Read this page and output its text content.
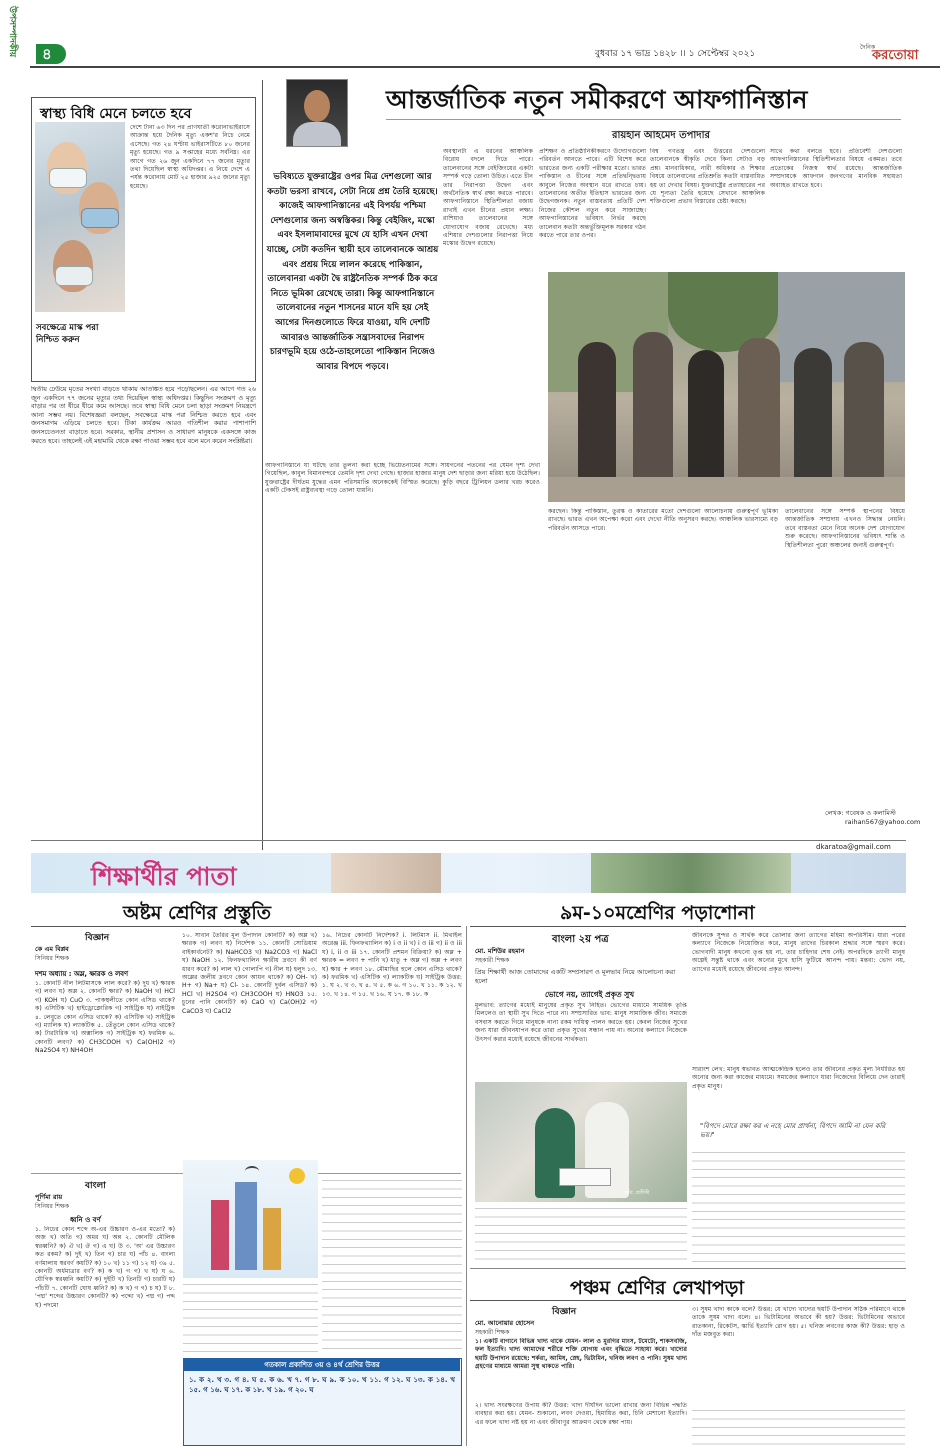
উপসম্পাদকীয় ৪	বুধবার ১৭ ভাদ্র ১৪২৮ ।। ১ সেপ্টেম্বর ২০২১
দৈনিক
করতোয়া
স্বাস্থ্য বিধি মেনে চলতে হবে
সবক্ষেত্রে মাস্ক পরা নিশ্চিত করুন
দেশে টানা ৬৩ দিন পর প্রাণঘাতী করোনাভাইরাসে আক্রান্ত হয়ে দৈনিক মৃত্যু একশ'র নিচে নেমে এসেছে। গত ২৪ ঘণ্টায় ভাইরাসটিতে ৮০ জনের মৃত্যু হয়েছে। গত ৯ সপ্তাহের মধ্যে সর্বনিম্ন। এর আগে গত ২৬ জুন একদিনে ৭৭ জনের মৃত্যুর তথ্য দিয়েছিল স্বাস্থ্য অধিদপ্তর। এ নিয়ে দেশে এ পর্যন্ত করোনায় মোট ২৫ হাজার ৯২৫ জনের মৃত্যু হয়েছে।
দ্বিতীয় ঢেউয়ে মৃতের সংখ্যা বাড়তে থাকায় আতঙ্কিত হয়ে পড়েছিলেন। এর আগে গত ২৬ জুন একদিনে ৭৭ জনের মৃত্যুর তথ্য দিয়েছিল স্বাস্থ্য অধিদপ্তর। কিছুদিন সংক্রমণ ও মৃত্যু বাড়ার পর তা ধীরে ধীরে কমে আসছে। তবে স্বাস্থ্য বিধি মেনে চলা ছাড়া সংক্রমণ নিয়ন্ত্রণে আনা সম্ভব নয়। বিশেষজ্ঞরা বলছেন, সবক্ষেত্রে মাস্ক পরা নিশ্চিত করতে হবে এবং জনসমাগম এড়িয়ে চলতে হবে। টিকা কার্যক্রম আরও গতিশীল করার পাশাপাশি জনসচেতনতা বাড়াতে হবে। সরকার, স্থানীয় প্রশাসন ও সাধারণ মানুষকে একসঙ্গে কাজ করতে হবে। তাহলেই এই মহামারি থেকে রক্ষা পাওয়া সম্ভব হবে বলে মনে করেন সংশ্লিষ্টরা।
আন্তর্জাতিক নতুন সমীকরণে আফগানিস্তান
রায়হান আহমেদ তপাদার
ভবিষ্যতে যুক্তরাষ্ট্রের ওপর মিত্র দেশগুলো আর কতটা ভরসা রাখবে, সেটা নিয়ে প্রশ্ন তৈরি হয়েছে। কাজেই আফগানিস্তানের এই বিপর্যয় পশ্চিমা দেশগুলোর জন্য অস্বস্তিকর। কিন্তু বেইজিং, মস্কো এবং ইসলামাবাদের মুখে যে হাসি এখন দেখা যাচ্ছে, সেটা কতদিন স্থায়ী হবে তালেবানকে আশ্রয় এবং প্রশ্রয় দিয়ে লালন করেছে পাকিস্তান, তালেবানরা একটা দ্বৈ রাষ্ট্রনৈতিক সম্পর্ক ঠিক করে নিতে ভূমিকা রেখেছে তারা। কিন্তু আফগানিস্তানে তালেবানের নতুন শাসনের মানে যদি হয় সেই আগের দিনগুলোতে ফিরে যাওয়া, যদি দেশটি আবারও আন্তর্জাতিক সন্ত্রাসবাদের নিরাপদ চারণভূমি হয়ে ওঠে-তাহলেতো পাকিস্তান নিজেও আবার বিপদে পড়বে।
অবস্থানটা এ ধরনের আঞ্চলিক বিরোধ বদলে দিতে পারে। তালেবানের সঙ্গে বেইজিংয়ের একটা সম্পর্ক গড়ে তোলা উচিত। এতে চীন তার নিরাপত্তা উদ্বেগ এবং অর্থনৈতিক স্বার্থ রক্ষা করতে পারবে। আফগানিস্তানে স্থিতিশীলতা বজায় রাখাই এখন চীনের প্রধান লক্ষ্য। রাশিয়াও তালেবানের সঙ্গে যোগাযোগ বজায় রেখেছে। মধ্য এশিয়ার দেশগুলোর নিরাপত্তা নিয়ে মস্কোর উদ্বেগ রয়েছে।
প্রশিক্ষণ ও প্রতিষ্ঠানিকীকরণে উদ্যোগগুলো পরিবর্তন আনতে পারে। এটি বিশেষ করে ভারতের জন্য একটি পরীক্ষার মতো। ভারত পাকিস্তান ও চীনের সঙ্গে প্রতিদ্বন্দ্বিতায় কাবুলে নিজের অবস্থান ধরে রাখতে চায়। তালেবানের অতীত ইতিহাস ভারতের জন্য উদ্বেগজনক। নতুন বাস্তবতায় প্রতিটি দেশ নিজের কৌশল নতুন করে সাজাচ্ছে। আফগানিস্তানের ভবিষ্যৎ নির্ভর করছে তালেবান কতটা অন্তর্ভুক্তিমূলক সরকার গঠন করতে পারে তার ওপর।
বিশ্ব গণতন্ত্র এবং উত্তরের দেশগুলো তালেবানকে স্বীকৃতি দেবে কিনা সেটাও বড় প্রশ্ন। মানবাধিকার, নারী অধিকার ও শিক্ষার বিষয়ে তালেবানের প্রতিশ্রুতি কতটা বাস্তবায়িত হয় তা দেখার বিষয়। যুক্তরাষ্ট্রের প্রত্যাহারের পর যে শূন্যতা তৈরি হয়েছে সেখানে আঞ্চলিক শক্তিগুলো প্রভাব বিস্তারের চেষ্টা করছে।
সাথে কথা বলতে হবে। প্রতিবেশী দেশগুলো আফগানিস্তানের স্থিতিশীলতার বিষয়ে একমত। তবে প্রত্যেকের নিজস্ব স্বার্থ রয়েছে। আন্তর্জাতিক সম্প্রদায়কে আফগান জনগণের মানবিক সহায়তা অব্যাহত রাখতে হবে।
আফগানিস্তানে যা ঘটছে তার তুলনা করা হচ্ছে ভিয়েতনামের সঙ্গে। সায়গনের পতনের পর যেমন দৃশ্য দেখা গিয়েছিল, কাবুল বিমানবন্দরে তেমনি দৃশ্য দেখা গেছে। হাজার হাজার মানুষ দেশ ছাড়ার জন্য মরিয়া হয়ে উঠেছিল। যুক্তরাষ্ট্রের দীর্ঘতম যুদ্ধের এমন পরিসমাপ্তি অনেককেই বিস্মিত করেছে। কুড়ি বছরে ট্রিলিয়ন ডলার খরচ করেও একটি টেকসই রাষ্ট্রব্যবস্থা গড়ে তোলা যায়নি।
করছেন। কিন্তু পাকিস্তান, তুরস্ক ও কাতারের মতো দেশগুলো আলোচনায় গুরুত্বপূর্ণ ভূমিকা রাখছে। ভারত এখন অপেক্ষা করো এবং দেখো নীতি অনুসরণ করছে। আঞ্চলিক ভারসাম্যে বড় পরিবর্তন আসতে পারে।
তালেবানের সঙ্গে সম্পর্ক স্থাপনের বিষয়ে আন্তর্জাতিক সম্প্রদায় এখনও সিদ্ধান্ত নেয়নি। তবে বাস্তবতা মেনে নিয়ে অনেক দেশ যোগাযোগ শুরু করেছে। আফগানিস্তানের ভবিষ্যৎ শান্তি ও স্থিতিশীলতা পুরো অঞ্চলের জন্যই গুরুত্বপূর্ণ।
লেখক: গবেষক ও কলামিস্ট
raihan567@yahoo.com
dkaratoa@gmail.com
শিক্ষার্থীর পাতা
অষ্টম শ্রেণির প্রস্তুতি
বিজ্ঞান
কে এম বিপ্লব
সিনিয়র শিক্ষক
দশম অধ্যায় : অম্ল, ক্ষারক ও লবণ
১. কোনটি নীল লিটমাসকে লাল করে? ক) দুধ খ) ক্ষারক গ) লবণ ঘ) অম্ল ২. কোনটি ক্ষার? ক) NaOH খ) HCl গ) KOH ঘ) CuO ৩. পাকস্থলীতে কোন এসিড থাকে? ক) এসিটিক খ) হাইড্রোক্লোরিক গ) সাইট্রিক ঘ) নাইট্রিক ৪. লেবুতে কোন এসিড থাকে? ক) এসিটিক খ) সাইট্রিক গ) ম্যালিক ঘ) ল্যাকটিক ৫. তেঁতুলে কোন এসিড থাকে? ক) টারটারিক খ) অক্সালিক গ) সাইট্রিক ঘ) ফরমিক ৬. কোনটি লবণ? ক) CH3COOH খ) Ca(OH)2 গ) Na2SO4 ঘ) NH4OH
১০. সাবান তৈরির মূল উপাদান কোনটি? ক) অম্ল খ) ক্ষারক গ) লবণ ঘ) নির্দেশক ১১. কোনটি সোডিয়াম বাইকার্বনেট? ক) NaHCO3 খ) Na2CO3 গ) NaCl ঘ) NaOH ১২. ফিনফথ্যালিন ক্ষারীয় দ্রবণে কী বর্ণ ধারণ করে? ক) লাল খ) গোলাপি গ) নীল ঘ) হলুদ ১৩. অম্লের জলীয় দ্রবণে কোন আয়ন থাকে? ক) OH- খ) H+ গ) Na+ ঘ) Cl- ১৪. কোনটি দুর্বল এসিড? ক) HCl খ) H2SO4 গ) CH3COOH ঘ) HNO3 ১৫. চুনের পানি কোনটি? ক) CaO খ) Ca(OH)2 গ) CaCO3 ঘ) CaCl2
১৬. নিচের কোনটি নির্দেশক? i. লিটমাস ii. মিথাইল অরেঞ্জ iii. ফিনফথ্যালিন ক) i ও ii খ) i ও iii গ) ii ও iii ঘ) i, ii ও iii ১৭. কোনটি প্রশমন বিক্রিয়া? ক) অম্ল + ক্ষারক = লবণ + পানি খ) ধাতু + অম্ল গ) অম্ল + লবণ ঘ) ক্ষার + লবণ ১৮. মৌমাছির হুলে কোন এসিড থাকে? ক) ফরমিক খ) এসিটিক গ) ল্যাকটিক ঘ) সাইট্রিক উত্তর: ১. ঘ ২. খ ৩. খ ৪. খ ৫. ক ৬. গ ১০. খ ১১. ক ১২. খ ১৩. খ ১৪. গ ১৫. খ ১৬. ঘ ১৭. ক ১৮. ক
বাংলা
পূর্ণিমা রায়
সিনিয়র শিক্ষক
ধ্বনি ও বর্ণ
১. নিচের কোন শব্দে অ-এর উচ্চারণ ও-এর মতো? ক) অজ খ) অতি গ) অমর ঘ) অন্ন ২. কোনটি মৌলিক স্বরধ্বনি? ক) ঐ খ) ঔ গ) এ ঘ) উ ৩. 'অ' এর উচ্চারণ কত রকম? ক) দুই খ) তিন গ) চার ঘ) পাঁচ ৪. বাংলা বর্ণমালায় স্বরবর্ণ কয়টি? ক) ১০ খ) ১১ গ) ১২ ঘ) ৩৯ ৫. কোনটি অর্ধমাত্রার বর্ণ? ক) ক খ) গ গ) খ ঘ) ঘ ৬. যৌগিক স্বরধ্বনি কয়টি? ক) দুইটি খ) তিনটি গ) চারটি ঘ) পাঁচটি ৭. কোনটি ঘোষ ধ্বনি? ক) ক খ) গ গ) চ ঘ) ট ৮. 'পদ্ম' শব্দের উচ্চারণ কোনটি? ক) পদ্দো খ) পদ্ম গ) পদ্দ ঘ) পদমো
গতকাল প্রকাশিত ৩য় ও ৪র্থ শ্রেণির উত্তর
১. ক ২. খ ৩. গ ৪. ঘ ৫. ক ৬. খ ৭. গ ৮. ঘ ৯. ক ১০. খ ১১. গ ১২. ঘ ১৩. ক ১৪. খ ১৫. গ ১৬. ঘ ১৭. ক ১৮. খ ১৯. গ ২০. ঘ
৯ম-১০মশ্রেণির পড়াশোনা
বাংলা ২য় পত্র
মো. মশিউর রহমান
সহকারী শিক্ষক
প্রিয় শিক্ষার্থী আজ তোমাদের একটি সম্প্রসারণ ও মূলভাব নিয়ে আলোচনা করা হলো
ভোগে নয়, ত্যাগেই প্রকৃত সুখ
মূলভাব: ত্যাগের মধ্যেই মানুষের প্রকৃত সুখ নিহিত। ভোগের মাধ্যমে সাময়িক তৃপ্তি মিললেও তা স্থায়ী সুখ দিতে পারে না। সম্প্রসারিত ভাব: মানুষ সামাজিক জীব। সমাজে বসবাস করতে গিয়ে মানুষকে নানা রকম দায়িত্ব পালন করতে হয়। কেবল নিজের সুখের জন্য যারা জীবনযাপন করে তারা প্রকৃত সুখের সন্ধান পায় না। অন্যের কল্যাণে নিজেকে উৎসর্গ করার মধ্যেই রয়েছে জীবনের সার্থকতা।
ছবি: প্রতীকী
জীবনকে সুন্দর ও সার্থক করে তোলার জন্য ত্যাগের মহিমা অপরিসীম। যারা পরের কল্যাণে নিজেকে নিয়োজিত করে, মানুষ তাদের চিরকাল শ্রদ্ধার সঙ্গে স্মরণ করে। ভোগবাদী মানুষ কখনো তৃপ্ত হয় না, তার চাহিদার শেষ নেই। অপরদিকে ত্যাগী মানুষ অল্পেই সন্তুষ্ট থাকে এবং অন্যের মুখে হাসি ফুটিয়ে আনন্দ পায়। মন্তব্য: ভোগ নয়, ত্যাগের মধ্যেই রয়েছে জীবনের প্রকৃত আনন্দ।
সারাংশ লেখ: মানুষ স্বভাবত আত্মকেন্দ্রিক হলেও তার জীবনের প্রকৃত মূল্য নির্ধারিত হয় অন্যের জন্য করা কাজের মাধ্যমে। সমাজের কল্যাণে যারা নিজেদের বিলিয়ে দেন তারাই প্রকৃত মানুষ।
"বিপদে মোরে রক্ষা কর এ নহে মোর প্রার্থনা, বিপদে আমি না যেন করি ভয়।"
পঞ্চম শ্রেণির লেখাপড়া
বিজ্ঞান
মো. আনোয়ার হোসেন
সহকারী শিক্ষক
১। একটি বাগানে বিভিন্ন খাদ্য থাকে যেমন- লাল ও মুরগির মাংস, টমেটো, শাকসবজি, ফল ইত্যাদি। খাদ্য আমাদের শরীরে শক্তি যোগায় এবং বৃদ্ধিতে সাহায্য করে। খাদ্যের ছয়টি উপাদান রয়েছে: শর্করা, আমিষ, স্নেহ, ভিটামিন, খনিজ লবণ ও পানি। সুষম খাদ্য গ্রহণের মাধ্যমে আমরা সুস্থ থাকতে পারি।
২। খাদ্য সংরক্ষণের উপায় কী? উত্তর: খাদ্য দীর্ঘদিন ভালো রাখার জন্য বিভিন্ন পদ্ধতি ব্যবহার করা হয়। যেমন- শুকানো, লবণ দেওয়া, হিমায়িত করা, চিনি মেশানো ইত্যাদি। এর ফলে খাদ্য নষ্ট হয় না এবং জীবাণুর আক্রমণ থেকে রক্ষা পায়।
৩। সুষম খাদ্য কাকে বলে? উত্তর: যে খাদ্যে খাদ্যের ছয়টি উপাদান সঠিক পরিমাণে থাকে তাকে সুষম খাদ্য বলে। ৪। ভিটামিনের অভাবে কী হয়? উত্তর: ভিটামিনের অভাবে রাতকানা, রিকেটস, স্কার্ভি ইত্যাদি রোগ হয়। ৫। খনিজ লবণের কাজ কী? উত্তর: হাড় ও দাঁত মজবুত করা।
